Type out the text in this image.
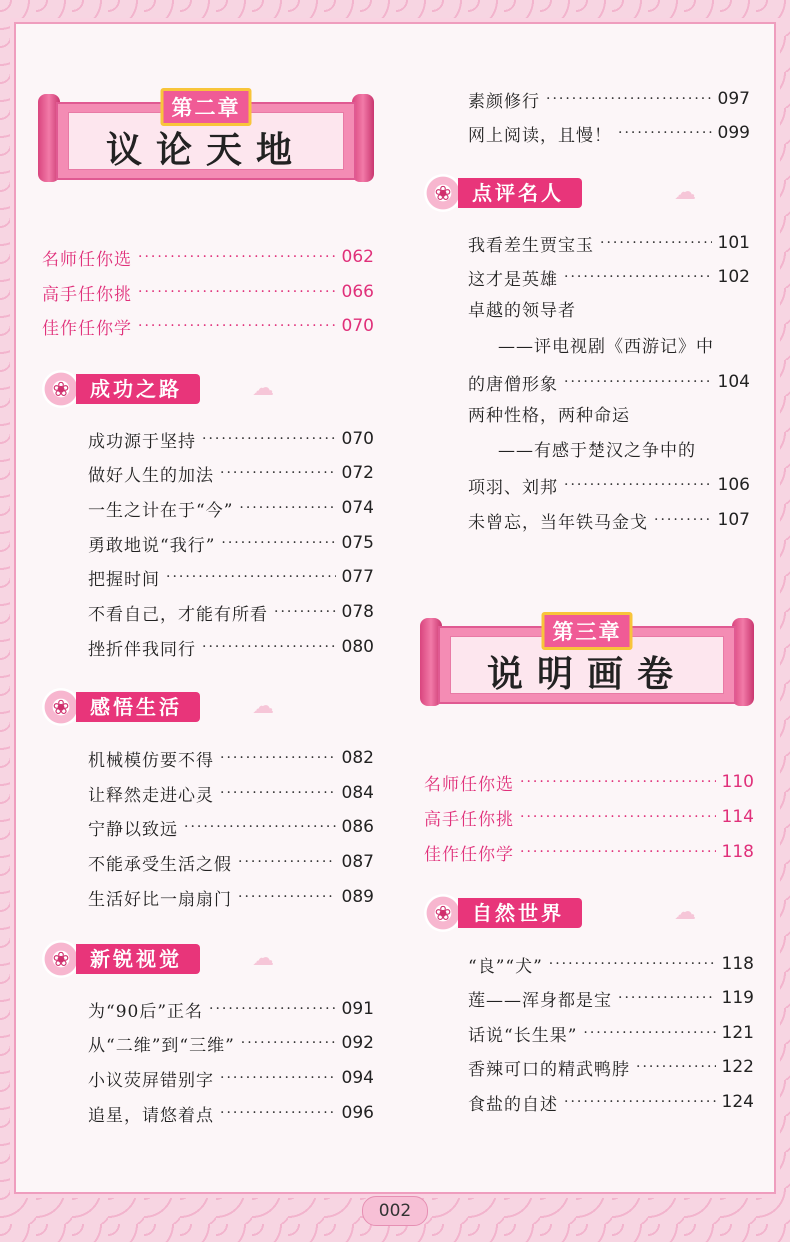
第二章
议论天地
名师任你选 ·····	062
高手任你挑 ·····	066
佳作任你学 ·····	070
❀	成功之路	☁
成功源于坚持 ·····	070
做好人生的加法 ·····	072
一生之计在于“今” ·····	074
勇敢地说“我行” ·····	075
把握时间 ·····	077
不看自己，才能有所看 ·····	078
挫折伴我同行 ·····	080
❀	感悟生活	☁
机械模仿要不得 ·····	082
让释然走进心灵 ·····	084
宁静以致远 ·····	086
不能承受生活之假 ·····	087
生活好比一扇扇门 ·····	089
❀	新锐视觉	☁
为“90后”正名 ·····	091
从“二维”到“三维” ·····	092
小议荧屏错别字 ·····	094
追星，请悠着点 ·····	096
素颜修行 ·····	097
网上阅读，且慢！ ·····	099
❀	点评名人	☁
我看差生贾宝玉 ·····	101
这才是英雄 ·····	102
卓越的领导者
——评电视剧《西游记》中
的唐僧形象 ·····	104
两种性格，两种命运
——有感于楚汉之争中的
项羽、刘邦 ·····	106
未曾忘，当年铁马金戈 ·····	107
第三章
说明画卷
名师任你选 ·····	110
高手任你挑 ·····	114
佳作任你学 ·····	118
❀	自然世界	☁
“良”“犬” ·····	118
莲——浑身都是宝 ·····	119
话说“长生果” ·····	121
香辣可口的精武鸭脖 ·····	122
食盐的自述 ·····	124
002
